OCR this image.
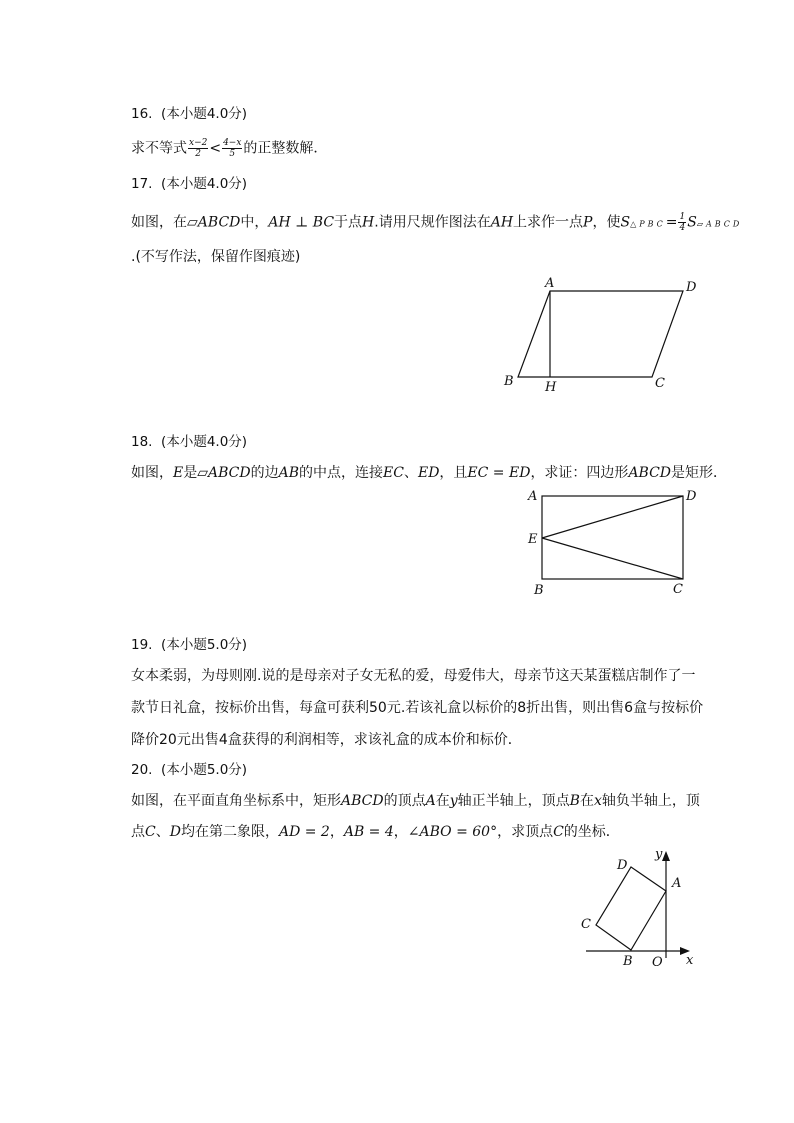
16.  (本小题4.0分)
求不等式 $\frac{x-2}{2} < \frac{4-x}{5}$ 的正整数解．
17.  (本小题4.0分)
如图，在▱ABCD中，AH ⊥ BC于点H.请用尺规作图法在AH上求作一点P，使S△PBC= $\frac{1}{4}$ S▱ABCD
.(不写作法，保留作图痕迹)
A	D
B H	C
18.  (本小题4.0分)
如图，E是▱ABCD的边AB的中点，连接EC、ED，且EC = ED，求证：四边形ABCD是矩形．
A	D
E
B	C
19.  (本小题5.0分)
女本柔弱，为母则刚.说的是母亲对子女无私的爱，母爱伟大，母亲节这天某蛋糕店制作了一
款节日礼盒，按标价出售，每盒可获利50元.若该礼盒以标价的8折出售，则出售6盒与按标价
降价20元出售4盒获得的利润相等，求该礼盒的成本价和标价．
20.  (本小题5.0分)
如图，在平面直角坐标系中，矩形ABCD的顶点A在y轴正半轴上，顶点B在x轴负半轴上，顶
点C、D均在第二象限，AD = 2，AB = 4，∠ABO = 60°，求顶点C的坐标．
D
A
C
B O x
y
